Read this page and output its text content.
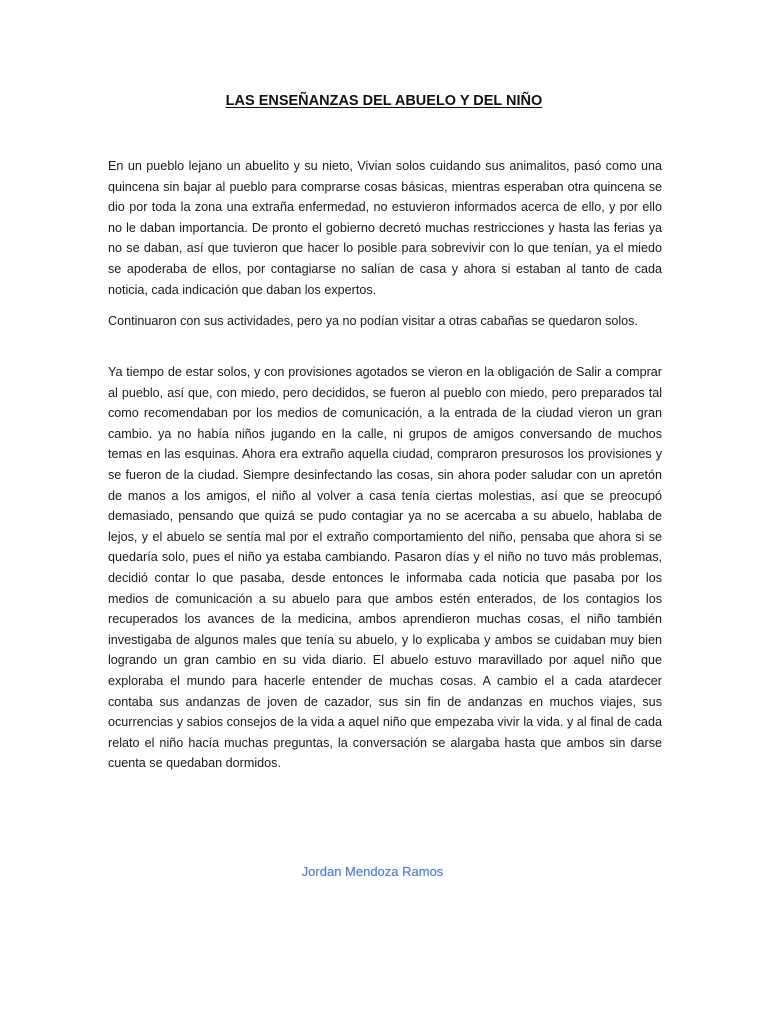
LAS ENSEÑANZAS DEL ABUELO Y DEL NIÑO

En un pueblo lejano un abuelito y su nieto, Vivian solos cuidando sus animalitos, pasó como una quincena sin bajar al pueblo para comprarse cosas básicas, mientras esperaban otra quincena se dio por toda la zona una extraña enfermedad, no estuvieron informados acerca de ello, y por ello no le daban importancia. De pronto el gobierno decretó muchas restricciones y hasta las ferias ya no se daban, así que tuvieron que hacer lo posible para sobrevivir con lo que tenían, ya el miedo se apoderaba de ellos, por contagiarse no salían de casa y ahora si estaban al tanto de cada noticia, cada indicación que daban los expertos.

Continuaron con sus actividades, pero ya no podían visitar a otras cabañas se quedaron solos.

Ya tiempo de estar solos, y con provisiones agotados se vieron en la obligación de Salir a comprar al pueblo, así que, con miedo, pero decididos, se fueron al pueblo con miedo, pero preparados tal como recomendaban por los medios de comunicación, a la entrada de la ciudad vieron un gran cambio. ya no había niños jugando en la calle, ni grupos de amigos conversando de muchos temas en las esquinas. Ahora era extraño aquella ciudad, compraron presurosos los provisiones y se fueron de la ciudad. Siempre desinfectando las cosas, sin ahora poder saludar con un apretón de manos a los amigos, el niño al volver a casa tenía ciertas molestias, así que se preocupó demasiado, pensando que quizá se pudo contagiar ya no se acercaba a su abuelo, hablaba de lejos, y el abuelo se sentía mal por el extraño comportamiento del niño, pensaba que ahora si se quedaría solo, pues el niño ya estaba cambiando. Pasaron días y el niño no tuvo más problemas, decidió contar lo que pasaba, desde entonces le informaba cada noticia que pasaba por los medios de comunicación a su abuelo para que ambos estén enterados, de los contagios los recuperados los avances de la medicina, ambos aprendieron muchas cosas, el niño también investigaba de algunos males que tenía su abuelo, y lo explicaba y ambos se cuidaban muy bien logrando un gran cambio en su vida diario. El abuelo estuvo maravillado por aquel niño que exploraba el mundo para hacerle entender de muchas cosas. A cambio el a cada atardecer contaba sus andanzas de joven de cazador, sus sin fin de andanzas en muchos viajes, sus ocurrencias y sabios consejos de la vida a aquel niño que empezaba vivir la vida. y al final de cada relato el niño hacía muchas preguntas, la conversación se alargaba hasta que ambos sin darse cuenta se quedaban dormidos.

Jordan Mendoza Ramos
